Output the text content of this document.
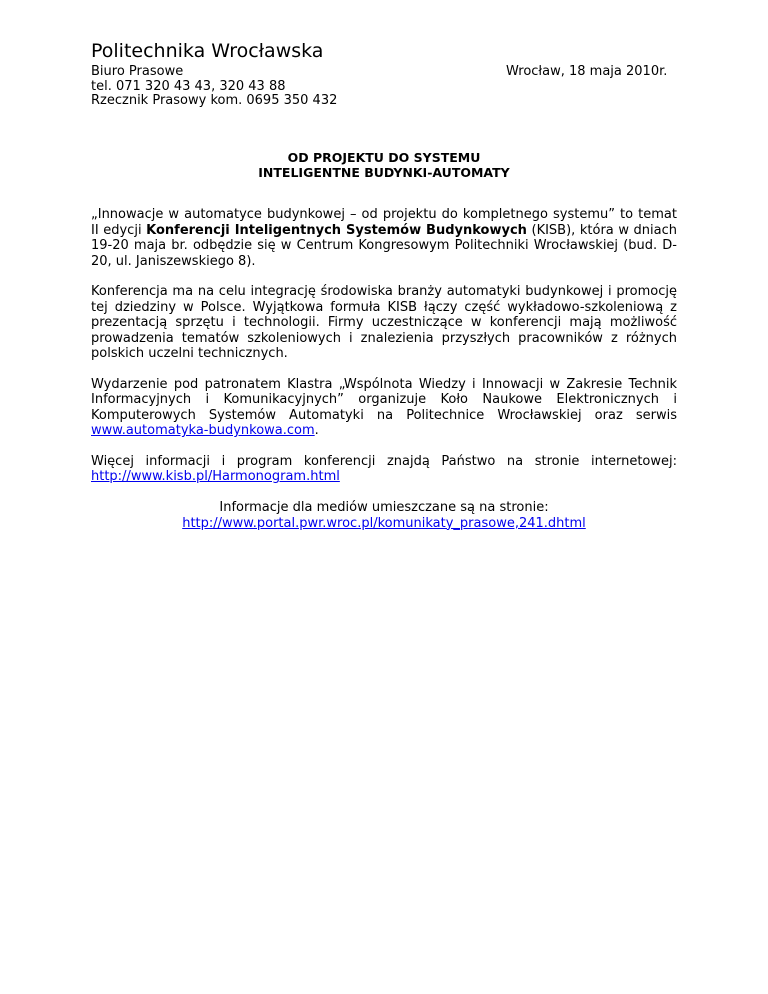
Politechnika Wrocławska
Biuro Prasowe
tel. 071 320 43 43, 320 43 88
Rzecznik Prasowy kom. 0695 350 432
Wrocław, 18 maja 2010r.
OD PROJEKTU DO SYSTEMU
INTELIGENTNE BUDYNKI-AUTOMATY

„Innowacje w automatyce budynkowej – od projektu do kompletnego systemu” to temat II edycji Konferencji Inteligentnych Systemów Budynkowych (KISB), która w dniach 19-20 maja br. odbędzie się w Centrum Kongresowym Politechniki Wrocławskiej (bud. D-20, ul. Janiszewskiego 8).

Konferencja ma na celu integrację środowiska branży automatyki budynkowej i promocję tej dziedziny w Polsce. Wyjątkowa formuła KISB łączy część wykładowo-szkoleniową z prezentacją sprzętu i technologii. Firmy uczestniczące w konferencji mają możliwość prowadzenia tematów szkoleniowych i znalezienia przyszłych pracowników z różnych polskich uczelni technicznych.

Wydarzenie pod patronatem Klastra „Wspólnota Wiedzy i Innowacji w Zakresie Technik Informacyjnych i Komunikacyjnych” organizuje Koło Naukowe Elektronicznych i Komputerowych Systemów Automatyki na Politechnice Wrocławskiej oraz serwis www.automatyka-budynkowa.com.

Więcej informacji i program konferencji znajdą Państwo na stronie internetowej: http://www.kisb.pl/Harmonogram.html

Informacje dla mediów umieszczane są na stronie:
http://www.portal.pwr.wroc.pl/komunikaty_prasowe,241.dhtml
